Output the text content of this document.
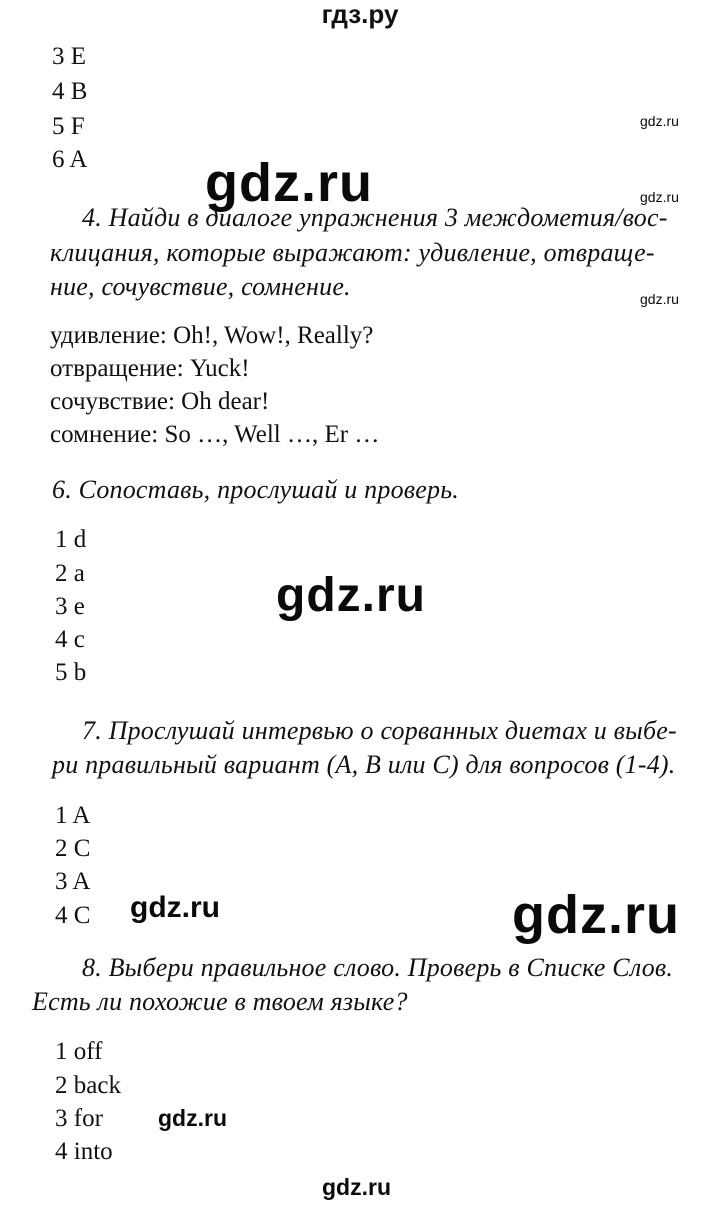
гдз.ру
3 E
4 B
5 F
6 A
4. Найди в диалоге упражнения 3 междометия/вос-
клицания, которые выражают: удивление, отвраще-
ние, сочувствие, сомнение.
удивление: Oh!, Wow!, Really?
отвращение: Yuck!
сочувствие: Oh dear!
сомнение: So …, Well …, Er …
6. Сопоставь, прослушай и проверь.
1 d
2 a
3 e
4 c
5 b
7. Прослушай интервью о сорванных диетах и выбе-
ри правильный вариант (A, B или C) для вопросов (1-4).
1 A
2 C
3 A
4 C
8. Выбери правильное слово. Проверь в Списке Слов.
Есть ли похожие в твоем языке?
1 off
2 back
3 for
4 into
gdz.ru
gdz.ru	gdz.ru
gdz.ru
gdz.ru
gdz.ru	gdz.ru
gdz.ru
gdz.ru
